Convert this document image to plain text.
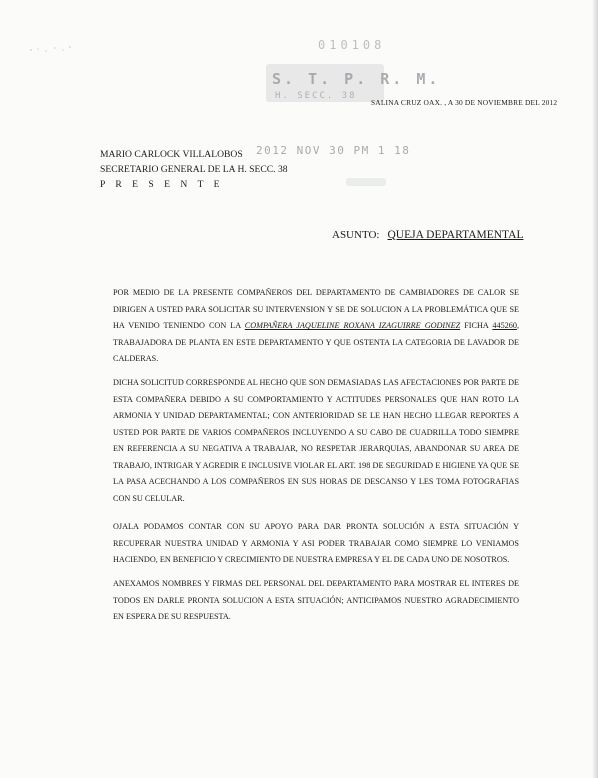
010108
S. T. P. R. M.
H. SECC. 38
SALINA CRUZ OAX. , A 30 DE NOVIEMBRE DEL 2012
2012 NOV 30 PM 1 18
MARIO CARLOCK VILLALOBOS
SECRETARIO GENERAL DE LA H. SECC. 38
P R E S E N T E
ASUNTO: QUEJA DEPARTAMENTAL
POR MEDIO DE LA PRESENTE COMPAÑEROS DEL DEPARTAMENTO DE CAMBIADORES DE CALOR SE DIRIGEN A USTED PARA SOLICITAR SU INTERVENSION Y SE DE SOLUCION A LA PROBLEMÁTICA QUE SE HA VENIDO TENIENDO CON LA COMPAÑERA JAQUELINE ROXANA IZAGUIRRE GODINEZ FICHA 445260, TRABAJADORA DE PLANTA EN ESTE DEPARTAMENTO Y QUE OSTENTA LA CATEGORIA DE LAVADOR DE CALDERAS.
DICHA SOLICITUD CORRESPONDE AL HECHO QUE SON DEMASIADAS LAS AFECTACIONES POR PARTE DE ESTA COMPAÑERA DEBIDO A SU COMPORTAMIENTO Y ACTITUDES PERSONALES QUE HAN ROTO LA ARMONIA Y UNIDAD DEPARTAMENTAL; CON ANTERIORIDAD SE LE HAN HECHO LLEGAR REPORTES A USTED POR PARTE DE VARIOS COMPAÑEROS INCLUYENDO A SU CABO DE CUADRILLA TODO SIEMPRE EN REFERENCIA A SU NEGATIVA A TRABAJAR, NO RESPETAR JERARQUIAS, ABANDONAR SU AREA DE TRABAJO, INTRIGAR Y AGREDIR E INCLUSIVE VIOLAR EL ART. 198 DE SEGURIDAD E HIGIENE YA QUE SE LA PASA ACECHANDO A LOS COMPAÑEROS EN SUS HORAS DE DESCANSO Y LES TOMA FOTOGRAFIAS CON SU CELULAR.
OJALA PODAMOS CONTAR CON SU APOYO PARA DAR PRONTA SOLUCIÓN A ESTA SITUACIÓN Y RECUPERAR NUESTRA UNIDAD Y ARMONIA Y ASI PODER TRABAJAR COMO SIEMPRE LO VENIAMOS HACIENDO, EN BENEFICIO Y CRECIMIENTO DE NUESTRA EMPRESA Y EL DE CADA UNO DE NOSOTROS.
ANEXAMOS NOMBRES Y FIRMAS DEL PERSONAL DEL DEPARTAMENTO PARA MOSTRAR EL INTERES DE TODOS EN DARLE PRONTA SOLUCION A ESTA SITUACIÓN; ANTICIPAMOS NUESTRO AGRADECIMIENTO EN ESPERA DE SU RESPUESTA.
